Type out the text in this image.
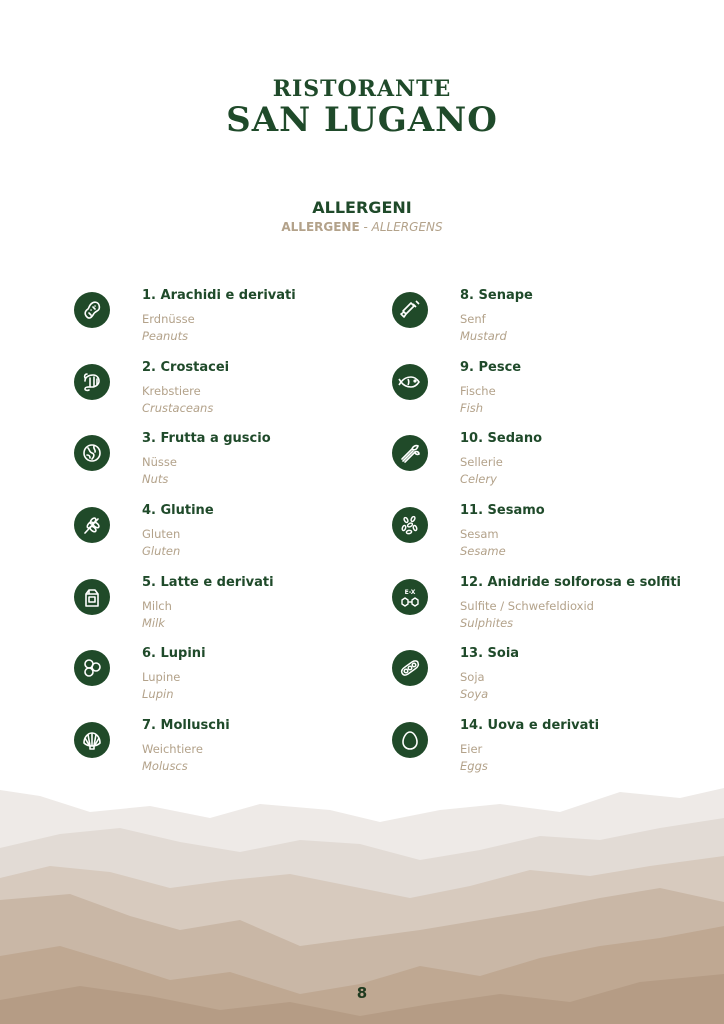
RISTORANTE
SAN LUGANO
ALLERGENI
ALLERGENE - ALLERGENS
1. Arachidi e derivati
Erdnüsse
Peanuts
2. Crostacei
Krebstiere
Crustaceans
3. Frutta a guscio
Nüsse
Nuts
4. Glutine
Gluten
Gluten
5. Latte e derivati
Milch
Milk
6. Lupini
Lupine
Lupin
7. Molluschi
Weichtiere
Moluscs
8. Senape
Senf
Mustard
9. Pesce
Fische
Fish
10. Sedano
Sellerie
Celery
11. Sesamo
Sesam
Sesame
E-X
12. Anidride solforosa e solfiti
Sulfite / Schwefeldioxid
Sulphites
13. Soia
Soja
Soya
14. Uova e derivati
Eier
Eggs
8
